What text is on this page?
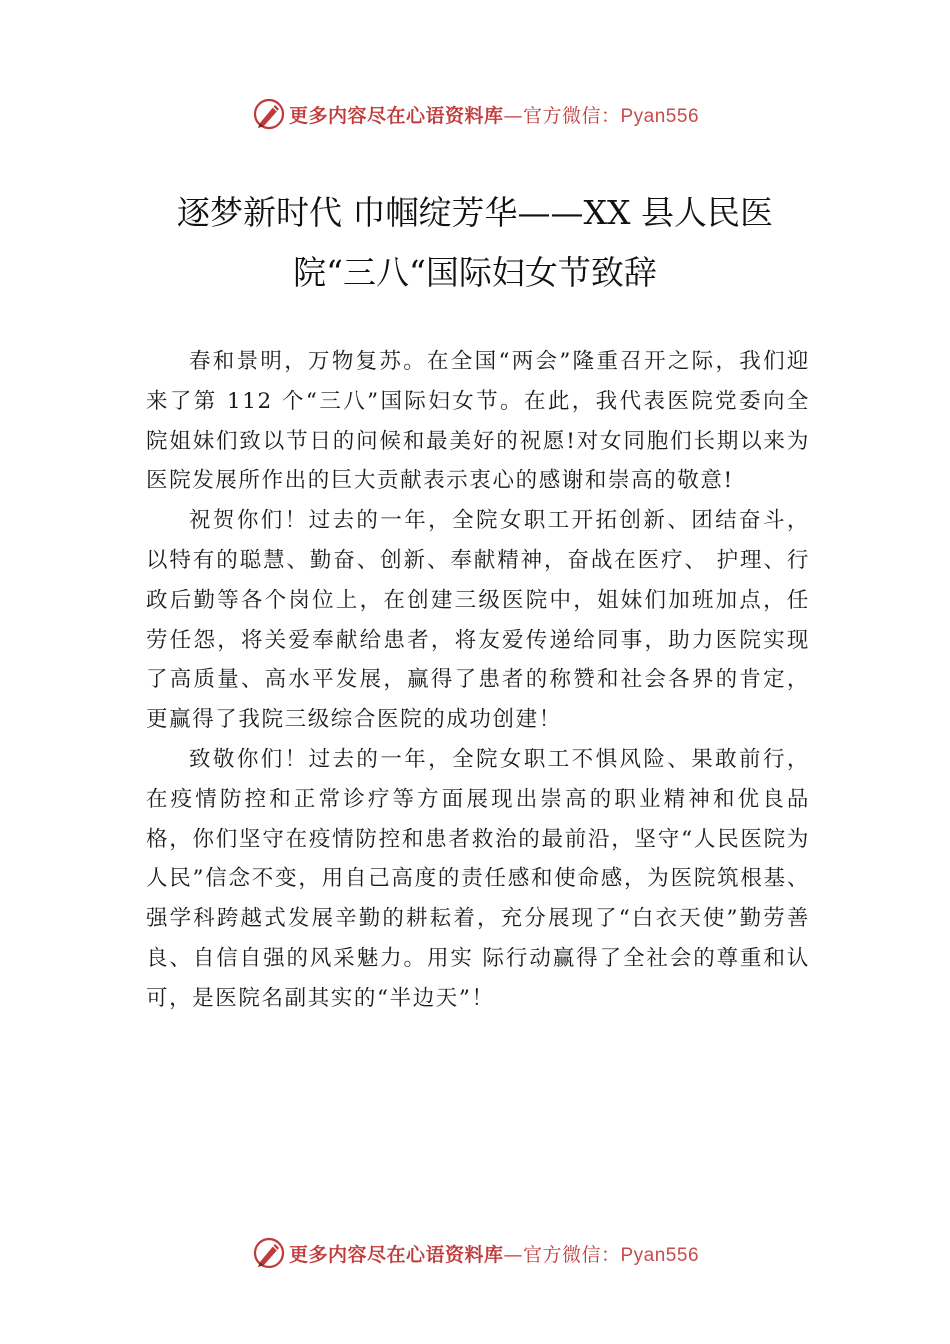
更多内容尽在心语资料库—官方微信：Pyan556
逐梦新时代 巾帼绽芳华——XX 县人民医
院“三八“国际妇女节致辞

春和景明，万物复苏。在全国“两会”隆重召开之际，我们迎来了第 112 个“三八”国际妇女节。在此，我代表医院党委向全院姐妹们致以节日的问候和最美好的祝愿!对女同胞们长期以来为医院发展所作出的巨大贡献表示衷心的感谢和崇高的敬意!

祝贺你们！过去的一年，全院女职工开拓创新、团结奋斗，以特有的聪慧、勤奋、创新、奉献精神，奋战在医疗、 护理、行政后勤等各个岗位上，在创建三级医院中，姐妹们加班加点，任劳任怨，将关爱奉献给患者，将友爱传递给同事，助力医院实现了高质量、高水平发展，赢得了患者的称赞和社会各界的肯定，更赢得了我院三级综合医院的成功创建！

致敬你们！过去的一年，全院女职工不惧风险、果敢前行，在疫情防控和正常诊疗等方面展现出崇高的职业精神和优良品格，你们坚守在疫情防控和患者救治的最前沿，坚守“人民医院为人民”信念不变，用自己高度的责任感和使命感，为医院筑根基、强学科跨越式发展辛勤的耕耘着，充分展现了“白衣天使”勤劳善良、自信自强的风采魅力。用实 际行动赢得了全社会的尊重和认可，是医院名副其实的“半边天”！

更多内容尽在心语资料库—官方微信：Pyan556
